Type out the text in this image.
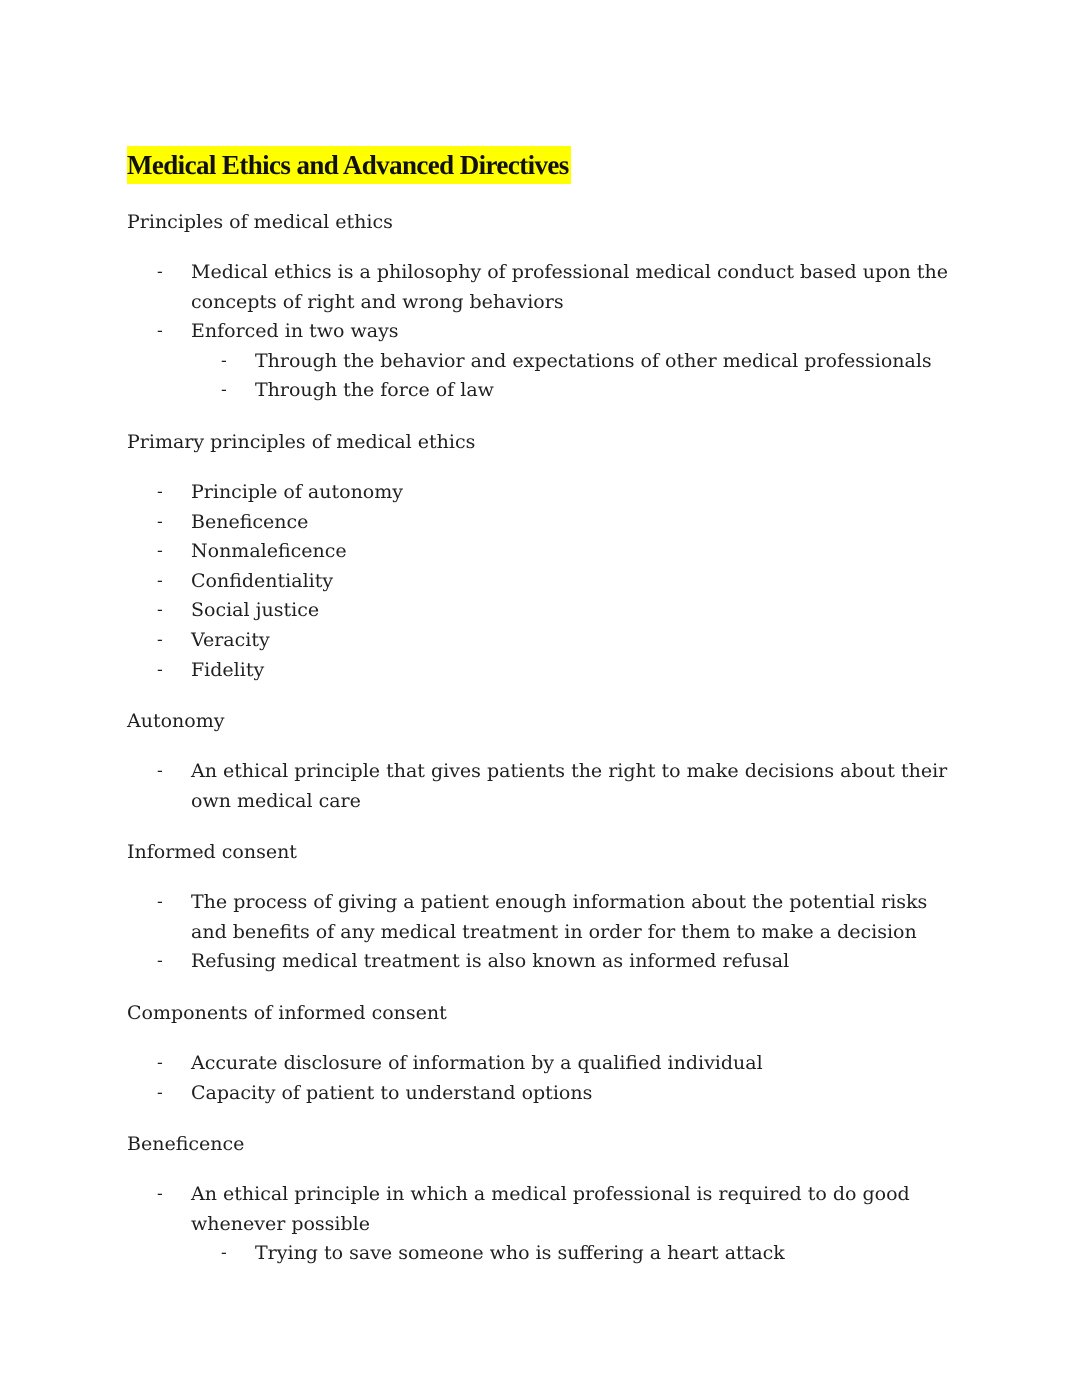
Medical Ethics and Advanced Directives
Principles of medical ethics
- Medical ethics is a philosophy of professional medical conduct based upon the concepts of right and wrong behaviors
- Enforced in two ways
- Through the behavior and expectations of other medical professionals
- Through the force of law
Primary principles of medical ethics
- Principle of autonomy
- Beneficence
- Nonmaleficence
- Confidentiality
- Social justice
- Veracity
- Fidelity
Autonomy
- An ethical principle that gives patients the right to make decisions about their own medical care
Informed consent
- The process of giving a patient enough information about the potential risks and benefits of any medical treatment in order for them to make a decision
- Refusing medical treatment is also known as informed refusal
Components of informed consent
- Accurate disclosure of information by a qualified individual
- Capacity of patient to understand options
Beneficence
- An ethical principle in which a medical professional is required to do good whenever possible
- Trying to save someone who is suffering a heart attack
